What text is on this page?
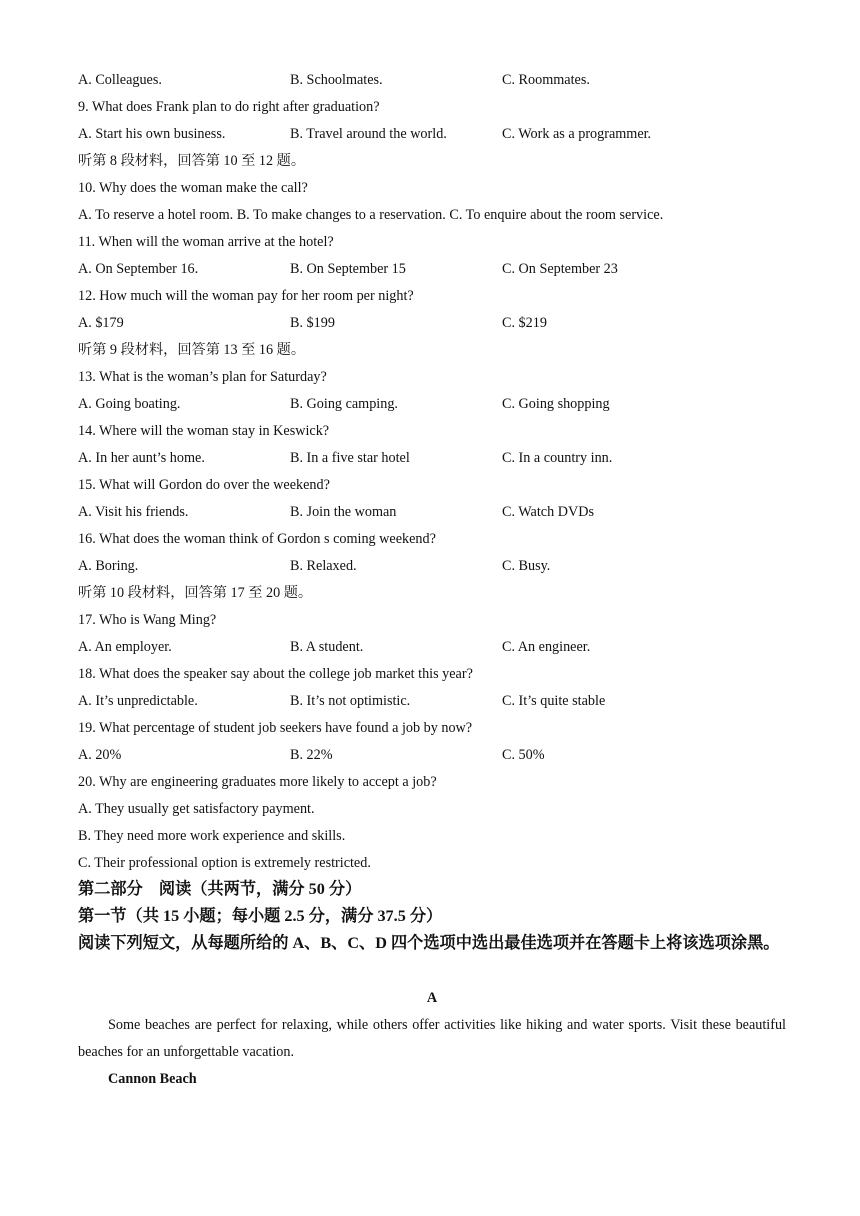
A. Colleagues.	B. Schoolmates.	C. Roommates.
9. What does Frank plan to do right after graduation?
A. Start his own business.	B. Travel around the world.	C. Work as a programmer.
听第 8 段材料，回答第 10 至 12 题。
10. Why does the woman make the call?
A. To reserve a hotel room. B. To make changes to a reservation. C. To enquire about the room service.
11. When will the woman arrive at the hotel?
A. On September 16.	B. On September 15	C. On September 23
12. How much will the woman pay for her room per night?
A. $179	B. $199	C. $219
听第 9 段材料，回答第 13 至 16 题。
13. What is the woman’s plan for Saturday?
A. Going boating.	B. Going camping.	C. Going shopping
14. Where will the woman stay in Keswick?
A. In her aunt’s home.	B. In a five star hotel	C. In a country inn.
15. What will Gordon do over the weekend?
A. Visit his friends.	B. Join the woman	C. Watch DVDs
16. What does the woman think of Gordon s coming weekend?
A. Boring.	B. Relaxed.	C. Busy.
听第 10 段材料，回答第 17 至 20 题。
17. Who is Wang Ming?
A. An employer.	B. A student.	C. An engineer.
18. What does the speaker say about the college job market this year?
A. It’s unpredictable.	B. It’s not optimistic.	C. It’s quite stable
19. What percentage of student job seekers have found a job by now?
A. 20%	B. 22%	C. 50%
20. Why are engineering graduates more likely to accept a job?
A. They usually get satisfactory payment.
B. They need more work experience and skills.
C. Their professional option is extremely restricted.
第二部分　阅读（共两节，满分 50 分）
第一节（共 15 小题；每小题 2.5 分，满分 37.5 分）
阅读下列短文，从每题所给的 A、B、C、D 四个选项中选出最佳选项并在答题卡上将该选项涂黑。
A
Some beaches are perfect for relaxing, while others offer activities like hiking and water sports. Visit these beautiful beaches for an unforgettable vacation.
Cannon Beach
